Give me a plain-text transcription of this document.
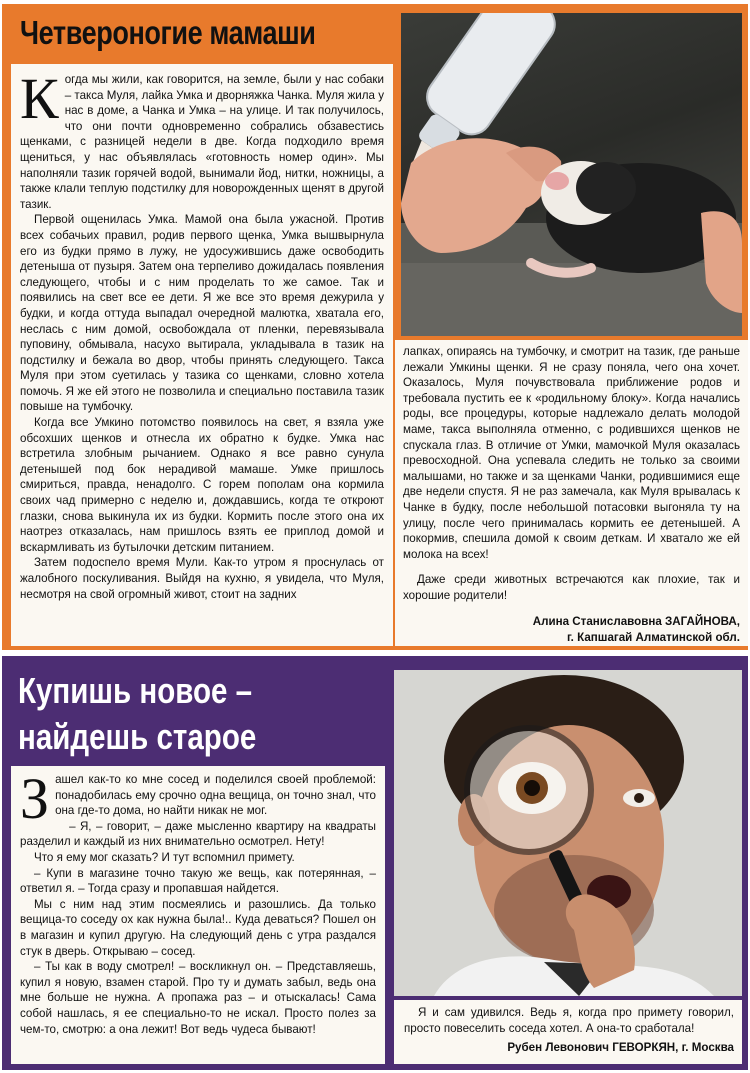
Четвероногие мамаши
К огда мы жили, как говорится, на земле, были у нас собаки – такса Муля, лайка Умка и дворняжка Чанка. Муля жила у нас в доме, а Чанка и Умка – на улице. И так получилось, что они почти одновременно собрались обзавестись щенками, с разницей недели в две. Когда подходило время щениться, у нас объявлялась «готовность номер один». Мы наполняли тазик горячей водой, вынимали йод, нитки, ножницы, а также клали теплую подстилку для новорожденных щенят в другой тазик.

Первой ощенилась Умка. Мамой она была ужасной. Против всех собачьих правил, родив первого щенка, Умка вышвырнула его из будки прямо в лужу, не удосужившись даже освободить детеныша от пузыря. Затем она терпеливо дожидалась появления следующего, чтобы и с ним проделать то же самое. Так и появились на свет все ее дети. Я же все это время дежурила у будки, и когда оттуда выпадал очередной малютка, хватала его, неслась с ним домой, освобождала от пленки, перевязывала пуповину, обмывала, насухо вытирала, укладывала в тазик на подстилку и бежала во двор, чтобы принять следующего. Такса Муля при этом суетилась у тазика со щенками, словно хотела помочь. Я же ей этого не позволила и специально поставила тазик повыше на тумбочку.

Когда все Умкино потомство появилось на свет, я взяла уже обсохших щенков и отнесла их обратно к будке. Умка нас встретила злобным рычанием. Однако я все равно сунула детенышей под бок нерадивой мамаше. Умке пришлось смириться, правда, ненадолго. С горем пополам она кормила своих чад примерно с неделю и, дождавшись, когда те откроют глазки, снова выкинула их из будки. Кормить после этого она их наотрез отказалась, нам пришлось взять ее приплод домой и вскармливать из бутылочки детским питанием.

Затем подоспело время Мули. Как-то утром я проснулась от жалобного поскуливания. Выйдя на кухню, я увидела, что Муля, несмотря на свой огромный живот, стоит на задних

лапках, опираясь на тумбочку, и смотрит на тазик, где раньше лежали Умкины щенки. Я не сразу поняла, чего она хочет. Оказалось, Муля почувствовала приближение родов и требовала пустить ее к «родильному блоку». Когда начались роды, все процедуры, которые надлежало делать молодой маме, такса выполняла отменно, с родившихся щенков не спускала глаз. В отличие от Умки, мамочкой Муля оказалась превосходной. Она успевала следить не только за своими малышами, но также и за щенками Чанки, родившимися еще две недели спустя. Я не раз замечала, как Муля врывалась к Чанке в будку, после небольшой потасовки выгоняла ту на улицу, после чего принималась кормить ее детенышей. А покормив, спешила домой к своим деткам. И хватало же ей молока на всех!

Даже среди животных встречаются как плохие, так и хорошие родители!

Алина Станиславовна ЗАГАЙНОВА,
г. Капшагай Алматинской обл.
Купишь новое –
найдешь старое
З ашел как-то ко мне сосед и поделился своей проблемой: понадобилась ему срочно одна вещица, он точно знал, что она где-то дома, но найти никак не мог.

– Я, – говорит, – даже мысленно квартиру на квадраты разделил и каждый из них внимательно осмотрел. Нету!

Что я ему мог сказать? И тут вспомнил примету.

– Купи в магазине точно такую же вещь, как потерянная, – ответил я. – Тогда сразу и пропавшая найдется.

Мы с ним над этим посмеялись и разошлись. Да только вещица-то соседу ох как нужна была!.. Куда деваться? Пошел он в магазин и купил другую. На следующий день с утра раздался стук в дверь. Открываю – сосед.

– Ты как в воду смотрел! – воскликнул он. – Представляешь, купил я новую, взамен старой. Про ту и думать забыл, ведь она мне больше не нужна. А пропажа раз – и отыскалась! Сама собой нашлась, я ее специально-то не искал. Просто полез за чем-то, смотрю: а она лежит! Вот ведь чудеса бывают!

Я и сам удивился. Ведь я, когда про примету говорил, просто повеселить соседа хотел. А она-то сработала!

Рубен Левонович ГЕВОРКЯН, г. Москва
